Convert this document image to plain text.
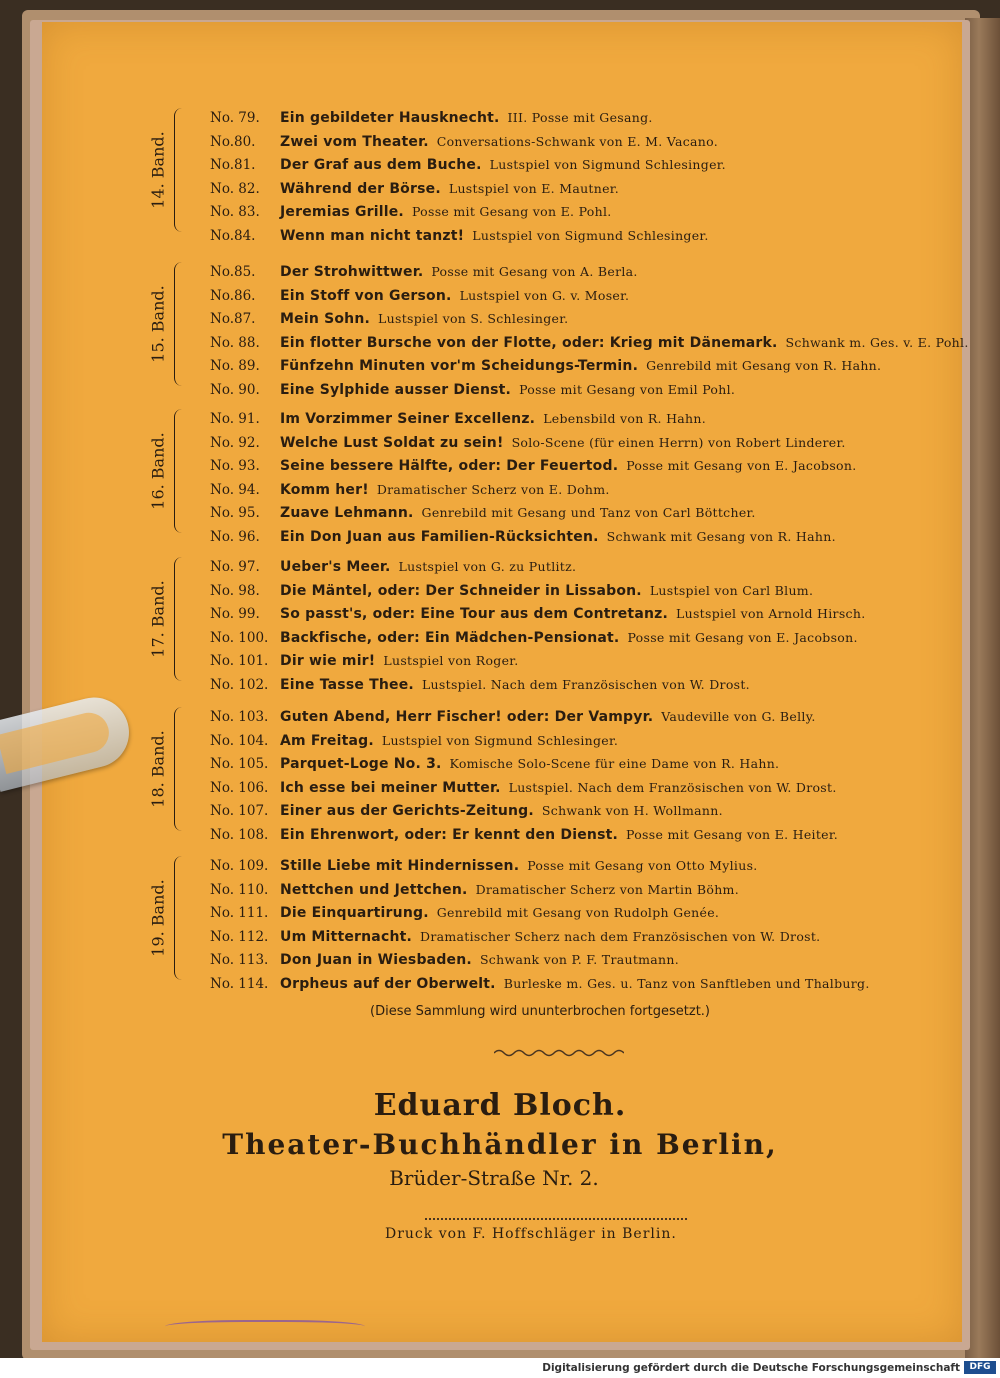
14. Band.
No. 79. Ein gebildeter Hausknecht. III. Posse mit Gesang.
No.80. Zwei vom Theater. Conversations-Schwank von E. M. Vacano.
No.81. Der Graf aus dem Buche. Lustspiel von Sigmund Schlesinger.
No. 82. Während der Börse. Lustspiel von E. Mautner.
No. 83. Jeremias Grille. Posse mit Gesang von E. Pohl.
No.84. Wenn man nicht tanzt! Lustspiel von Sigmund Schlesinger.
15. Band.
No.85. Der Strohwittwer. Posse mit Gesang von A. Berla.
No.86. Ein Stoff von Gerson. Lustspiel von G. v. Moser.
No.87. Mein Sohn. Lustspiel von S. Schlesinger.
No. 88. Ein flotter Bursche von der Flotte, oder: Krieg mit Dänemark. Schwank m. Ges. v. E. Pohl.
No. 89. Fünfzehn Minuten vor'm Scheidungs-Termin. Genrebild mit Gesang von R. Hahn.
No. 90. Eine Sylphide ausser Dienst. Posse mit Gesang von Emil Pohl.
16. Band.
No. 91. Im Vorzimmer Seiner Excellenz. Lebensbild von R. Hahn.
No. 92. Welche Lust Soldat zu sein! Solo-Scene (für einen Herrn) von Robert Linderer.
No. 93. Seine bessere Hälfte, oder: Der Feuertod. Posse mit Gesang von E. Jacobson.
No. 94. Komm her! Dramatischer Scherz von E. Dohm.
No. 95. Zuave Lehmann. Genrebild mit Gesang und Tanz von Carl Böttcher.
No. 96. Ein Don Juan aus Familien-Rücksichten. Schwank mit Gesang von R. Hahn.
17. Band.
No. 97. Ueber's Meer. Lustspiel von G. zu Putlitz.
No. 98. Die Mäntel, oder: Der Schneider in Lissabon. Lustspiel von Carl Blum.
No. 99. So passt's, oder: Eine Tour aus dem Contretanz. Lustspiel von Arnold Hirsch.
No. 100. Backfische, oder: Ein Mädchen-Pensionat. Posse mit Gesang von E. Jacobson.
No. 101. Dir wie mir! Lustspiel von Roger.
No. 102. Eine Tasse Thee. Lustspiel. Nach dem Französischen von W. Drost.
18. Band.
No. 103. Guten Abend, Herr Fischer! oder: Der Vampyr. Vaudeville von G. Belly.
No. 104. Am Freitag. Lustspiel von Sigmund Schlesinger.
No. 105. Parquet-Loge No. 3. Komische Solo-Scene für eine Dame von R. Hahn.
No. 106. Ich esse bei meiner Mutter. Lustspiel. Nach dem Französischen von W. Drost.
No. 107. Einer aus der Gerichts-Zeitung. Schwank von H. Wollmann.
No. 108. Ein Ehrenwort, oder: Er kennt den Dienst. Posse mit Gesang von E. Heiter.
19. Band.
No. 109. Stille Liebe mit Hindernissen. Posse mit Gesang von Otto Mylius.
No. 110. Nettchen und Jettchen. Dramatischer Scherz von Martin Böhm.
No. 111. Die Einquartirung. Genrebild mit Gesang von Rudolph Genée.
No. 112. Um Mitternacht. Dramatischer Scherz nach dem Französischen von W. Drost.
No. 113. Don Juan in Wiesbaden. Schwank von P. F. Trautmann.
No. 114. Orpheus auf der Oberwelt. Burleske m. Ges. u. Tanz von Sanftleben und Thalburg.
(Diese Sammlung wird ununterbrochen fortgesetzt.)
Eduard Bloch.
Theater-Buchhändler in Berlin,
Brüder-Straße Nr. 2.
Druck von F. Hoffschläger in Berlin.
Digitalisierung gefördert durch die Deutsche Forschungsgemeinschaft	DFG
